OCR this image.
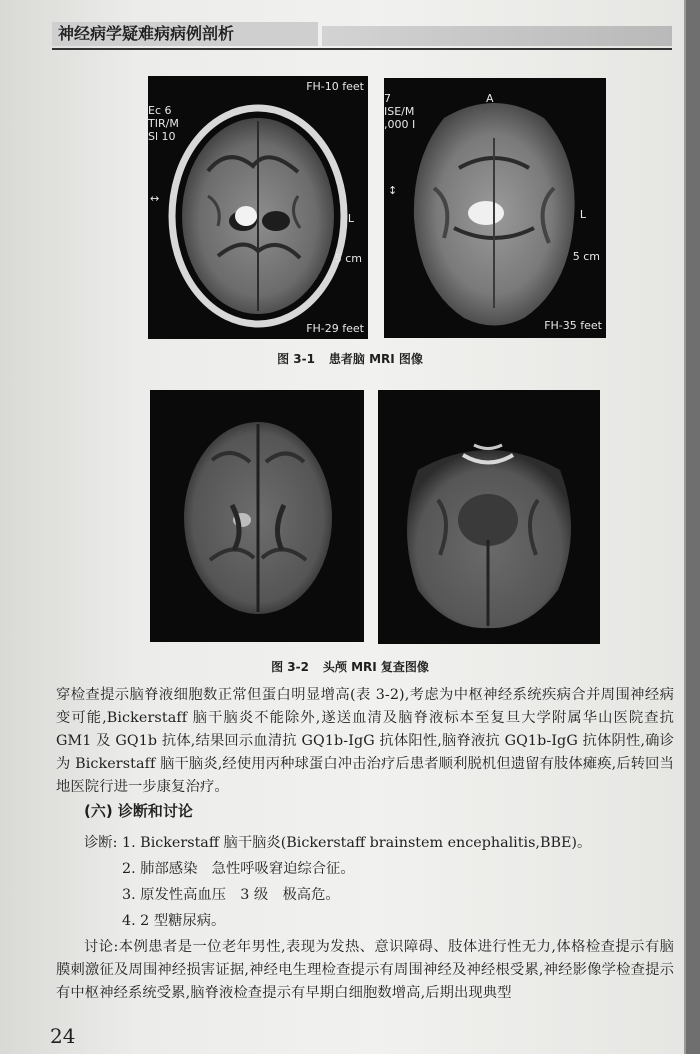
神经病学疑难病病例剖析
Ec 6
TIR/M
Sl 10
FH-10 feet
FH-29 feet
L
5 cm
↔
7
ISE/M
,000 I
A
FH-35 feet
L
5 cm
↕
图 3-1 患者脑 MRI 图像
图 3-2 头颅 MRI 复查图像

穿检查提示脑脊液细胞数正常但蛋白明显增高(表 3-2),考虑为中枢神经系统疾病合并周围神经病变可能,Bickerstaff 脑干脑炎不能除外,遂送血清及脑脊液标本至复旦大学附属华山医院查抗 GM1 及 GQ1b 抗体,结果回示血清抗 GQ1b-IgG 抗体阳性,脑脊液抗 GQ1b-IgG 抗体阴性,确诊为 Bickerstaff 脑干脑炎,经使用丙种球蛋白冲击治疗后患者顺利脱机但遗留有肢体瘫痪,后转回当地医院行进一步康复治疗。

(六) 诊断和讨论
诊断: 1. Bickerstaff 脑干脑炎(Bickerstaff brainstem encephalitis,BBE)。
2. 肺部感染　急性呼吸窘迫综合征。
3. 原发性高血压　3 级　极高危。
4. 2 型糖尿病。

讨论:本例患者是一位老年男性,表现为发热、意识障碍、肢体进行性无力,体格检查提示有脑膜刺激征及周围神经损害证据,神经电生理检查提示有周围神经及神经根受累,神经影像学检查提示有中枢神经系统受累,脑脊液检查提示有早期白细胞数增高,后期出现典型

24
